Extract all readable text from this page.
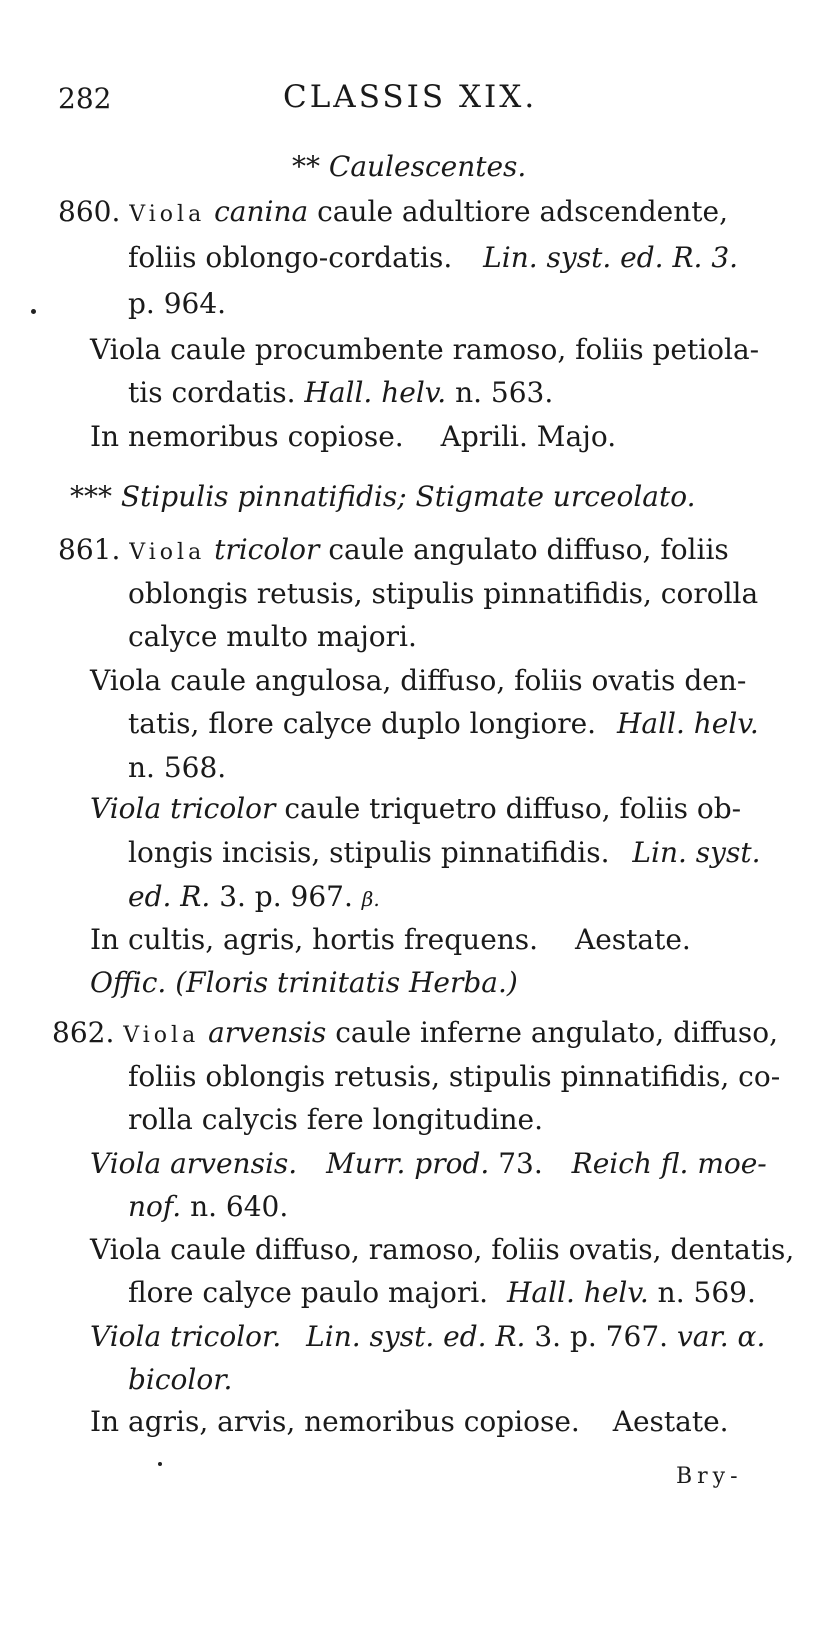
282	CLASSIS XIX.
** Caulescentes.
860. Viola canina caule adultiore adscendente,
foliis oblongo-cordatis. Lin. syst. ed. R. 3.
p. 964.
Viola caule procumbente ramoso, foliis petiola-
tis cordatis. Hall. helv. n. 563.
In nemoribus copiose. Aprili. Majo.
*** Stipulis pinnatifidis; Stigmate urceolato.
861. Viola tricolor caule angulato diffuso, foliis
oblongis retusis, stipulis pinnatifidis, corolla
calyce multo majori.
Viola caule angulosa, diffuso, foliis ovatis den-
tatis, flore calyce duplo longiore. Hall. helv.
n. 568.
Viola tricolor caule triquetro diffuso, foliis ob-
longis incisis, stipulis pinnatifidis. Lin. syst.
ed. R. 3. p. 967. β.
In cultis, agris, hortis frequens. Aestate.
Offic. (Floris trinitatis Herba.)
862. Viola arvensis caule inferne angulato, diffuso,
foliis oblongis retusis, stipulis pinnatifidis, co-
rolla calycis fere longitudine.
Viola arvensis. Murr. prod. 73. Reich fl. moe-
nof. n. 640.
Viola caule diffuso, ramoso, foliis ovatis, dentatis,
flore calyce paulo majori. Hall. helv. n. 569.
Viola tricolor. Lin. syst. ed. R. 3. p. 767. var. α.
bicolor.
In agris, arvis, nemoribus copiose. Aestate.
Bry-
